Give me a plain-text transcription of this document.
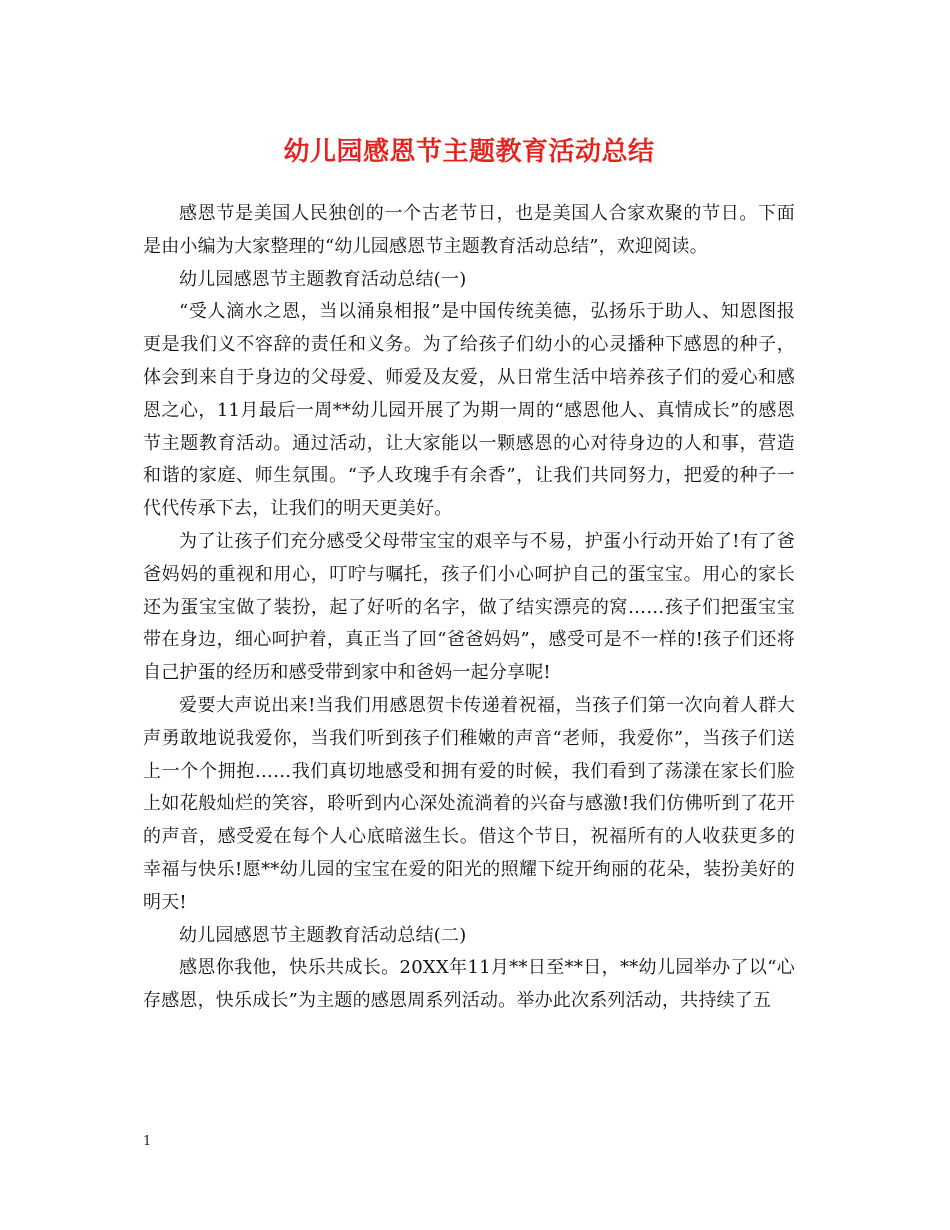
幼儿园感恩节主题教育活动总结

感恩节是美国人民独创的一个古老节日，也是美国人合家欢聚的节日。下面是由小编为大家整理的“幼儿园感恩节主题教育活动总结”，欢迎阅读。

幼儿园感恩节主题教育活动总结(一)

“受人滴水之恩，当以涌泉相报”是中国传统美德，弘扬乐于助人、知恩图报更是我们义不容辞的责任和义务。为了给孩子们幼小的心灵播种下感恩的种子，体会到来自于身边的父母爱、师爱及友爱，从日常生活中培养孩子们的爱心和感恩之心，11月最后一周**幼儿园开展了为期一周的“感恩他人、真情成长”的感恩节主题教育活动。通过活动，让大家能以一颗感恩的心对待身边的人和事，营造和谐的家庭、师生氛围。“予人玫瑰手有余香”，让我们共同努力，把爱的种子一代代传承下去，让我们的明天更美好。

为了让孩子们充分感受父母带宝宝的艰辛与不易，护蛋小行动开始了!有了爸爸妈妈的重视和用心，叮咛与嘱托，孩子们小心呵护自己的蛋宝宝。用心的家长还为蛋宝宝做了装扮，起了好听的名字，做了结实漂亮的窝……孩子们把蛋宝宝带在身边，细心呵护着，真正当了回“爸爸妈妈”，感受可是不一样的!孩子们还将自己护蛋的经历和感受带到家中和爸妈一起分享呢!

爱要大声说出来!当我们用感恩贺卡传递着祝福，当孩子们第一次向着人群大声勇敢地说我爱你，当我们听到孩子们稚嫩的声音“老师，我爱你”，当孩子们送上一个个拥抱……我们真切地感受和拥有爱的时候，我们看到了荡漾在家长们脸上如花般灿烂的笑容，聆听到内心深处流淌着的兴奋与感激!我们仿佛听到了花开的声音，感受爱在每个人心底暗滋生长。借这个节日，祝福所有的人收获更多的幸福与快乐!愿**幼儿园的宝宝在爱的阳光的照耀下绽开绚丽的花朵，装扮美好的明天!

幼儿园感恩节主题教育活动总结(二)

感恩你我他，快乐共成长。20XX年11月**日至**日，**幼儿园举办了以“心存感恩，快乐成长”为主题的感恩周系列活动。举办此次系列活动，共持续了五

1
